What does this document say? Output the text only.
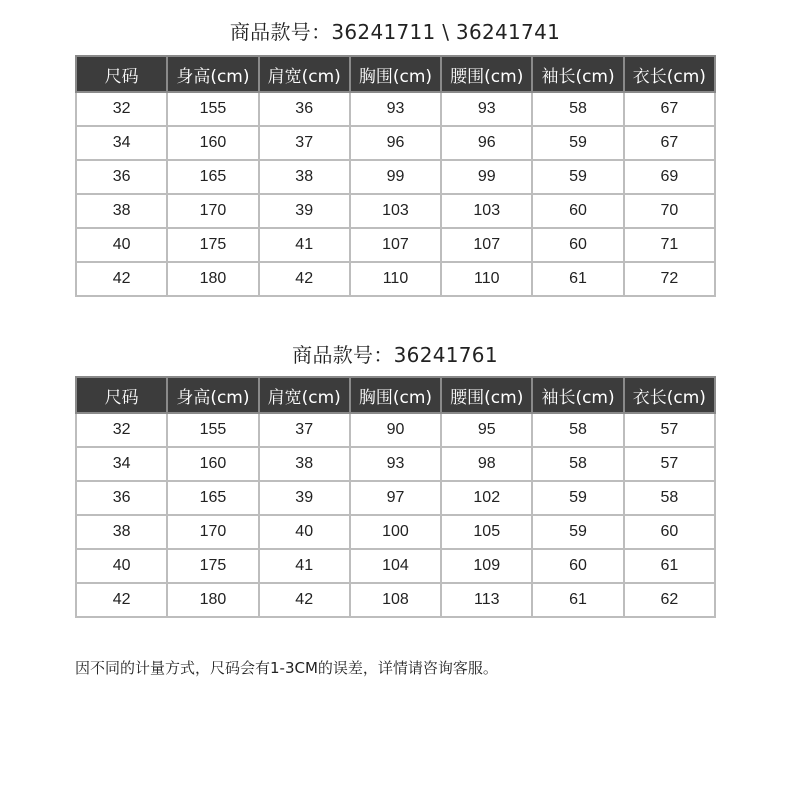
商品款号：36241711 \ 36241741
尺码	身高(cm)	肩宽(cm)	胸围(cm)	腰围(cm)	袖长(cm)	衣长(cm)
32	155	36	93	93	58	67
34	160	37	96	96	59	67
36	165	38	99	99	59	69
38	170	39	103	103	60	70
40	175	41	107	107	60	71
42	180	42	110	110	61	72
商品款号：36241761
尺码	身高(cm)	肩宽(cm)	胸围(cm)	腰围(cm)	袖长(cm)	衣长(cm)
32	155	37	90	95	58	57
34	160	38	93	98	58	57
36	165	39	97	102	59	58
38	170	40	100	105	59	60
40	175	41	104	109	60	61
42	180	42	108	113	61	62
因不同的计量方式，尺码会有1-3CM的误差，详情请咨询客服。
